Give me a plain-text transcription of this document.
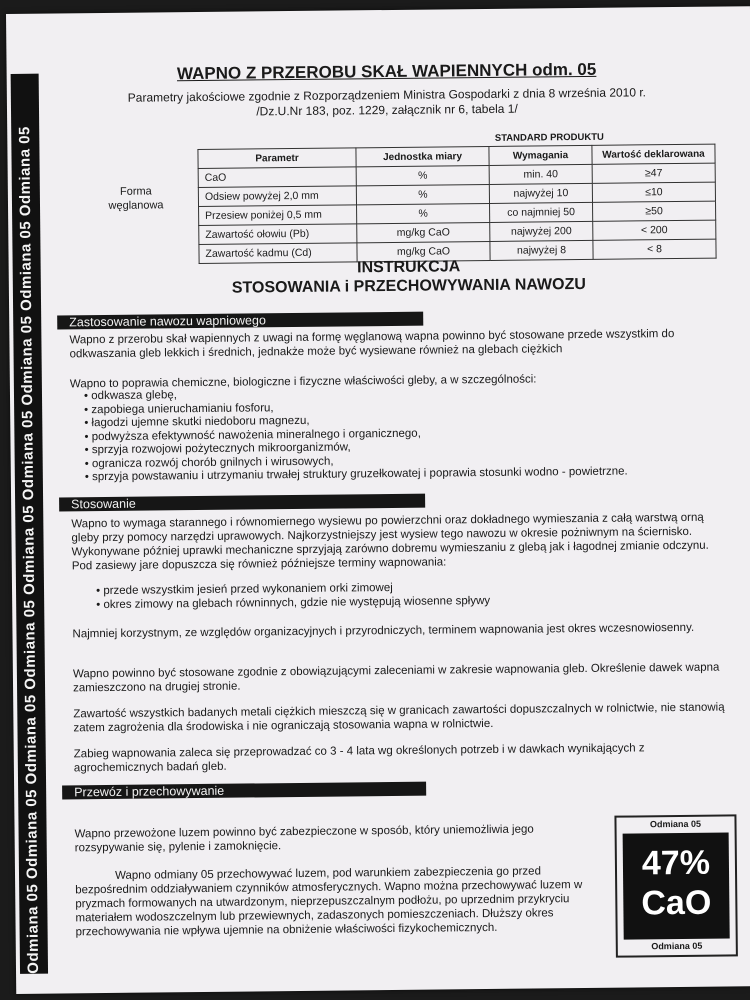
Odmiana 05 Odmiana 05 Odmiana 05 Odmiana 05 Odmiana 05 Odmiana 05 Odmiana 05 Odmiana 05 Odmiana 05
WAPNO Z PRZEROBU SKAŁ WAPIENNYCH odm. 05
Parametry jakościowe zgodnie z Rozporządzeniem Ministra Gospodarki z dnia 8 września 2010 r.
/Dz.U.Nr 183, poz. 1229, załącznik nr 6, tabela 1/
Forma węglanowa
		STANDARD PRODUKTU	
Parametr	Jednostka miary	Wymagania	Wartość deklarowana
CaO	%	min. 40	≥47
Odsiew powyżej 2,0 mm	%	najwyżej 10	≤10
Przesiew poniżej 0,5 mm	%	co najmniej 50	≥50
Zawartość ołowiu (Pb)	mg/kg CaO	najwyżej 200	< 200
Zawartość kadmu (Cd)	mg/kg CaO	najwyżej 8	< 8
INSTRUKCJA
STOSOWANIA i PRZECHOWYWANIA NAWOZU
Zastosowanie nawozu wapniowego
Wapno z przerobu skał wapiennych z uwagi na formę węglanową wapna powinno być stosowane przede wszystkim do odkwaszania gleb lekkich i średnich, jednakże może być wysiewane również na glebach ciężkich
Wapno to poprawia chemiczne, biologiczne i fizyczne właściwości gleby, a w szczególności:
• odkwasza glebę,
• zapobiega unieruchamianiu fosforu,
• łagodzi ujemne skutki niedoboru magnezu,
• podwyższa efektywność nawożenia mineralnego i organicznego,
• sprzyja rozwojowi pożytecznych mikroorganizmów,
• ogranicza rozwój chorób gnilnych i wirusowych,
• sprzyja powstawaniu i utrzymaniu trwałej struktury gruzełkowatej i poprawia stosunki wodno - powietrzne.
Stosowanie
Wapno to wymaga starannego i równomiernego wysiewu po powierzchni oraz dokładnego wymieszania z całą warstwą orną gleby przy pomocy narzędzi uprawowych. Najkorzystniejszy jest wysiew tego nawozu w okresie pożniwnym na ścierniskо. Wykonywane później uprawki mechaniczne sprzyjają zarówno dobremu wymieszaniu z glebą jak i łagodnej zmianie odczynu. Pod zasiewy jare dopuszcza się również późniejsze terminy wapnowania:
• przede wszystkim jesień przed wykonaniem orki zimowej
• okres zimowy na glebach równinnych, gdzie nie występują wiosenne spływy
Najmniej korzystnym, ze względów organizacyjnych i przyrodniczych, terminem wapnowania jest okres wczesnowiosenny.
Wapno powinno być stosowane zgodnie z obowiązującymi zaleceniami w zakresie wapnowania gleb. Określenie dawek wapna zamieszczono na drugiej stronie.
Zawartość wszystkich badanych metali ciężkich mieszczą się w granicach zawartości dopuszczalnych w rolnictwie, nie stanowią zatem zagrożenia dla środowiska i nie ograniczają stosowania wapna w rolnictwie.
Zabieg wapnowania zaleca się przeprowadzać co 3 - 4 lata wg określonych potrzeb i w dawkach wynikających z agrochemicznych badań gleb.
Przewóz i przechowywanie
Wapno przewożone luzem powinno być zabezpieczone w sposób, który uniemożliwia jego rozsypywanie się, pylenie i zamoknięcie.
Wapno odmiany 05 przechowywać luzem, pod warunkiem zabezpieczenia go przed bezpośrednim oddziaływaniem czynników atmosferycznych. Wapno można przechowywać luzem w pryzmach formowanych na utwardzonym, nieprzepuszczalnym podłożu, po uprzednim przykryciu materiałem wodoszczelnym lub przewiewnych, zadaszonych pomieszczeniach. Dłuższy okres przechowywania nie wpływa ujemnie na obniżenie właściwości fizykochemicznych.
Odmiana 05
47%
CaO
Odmiana 05
